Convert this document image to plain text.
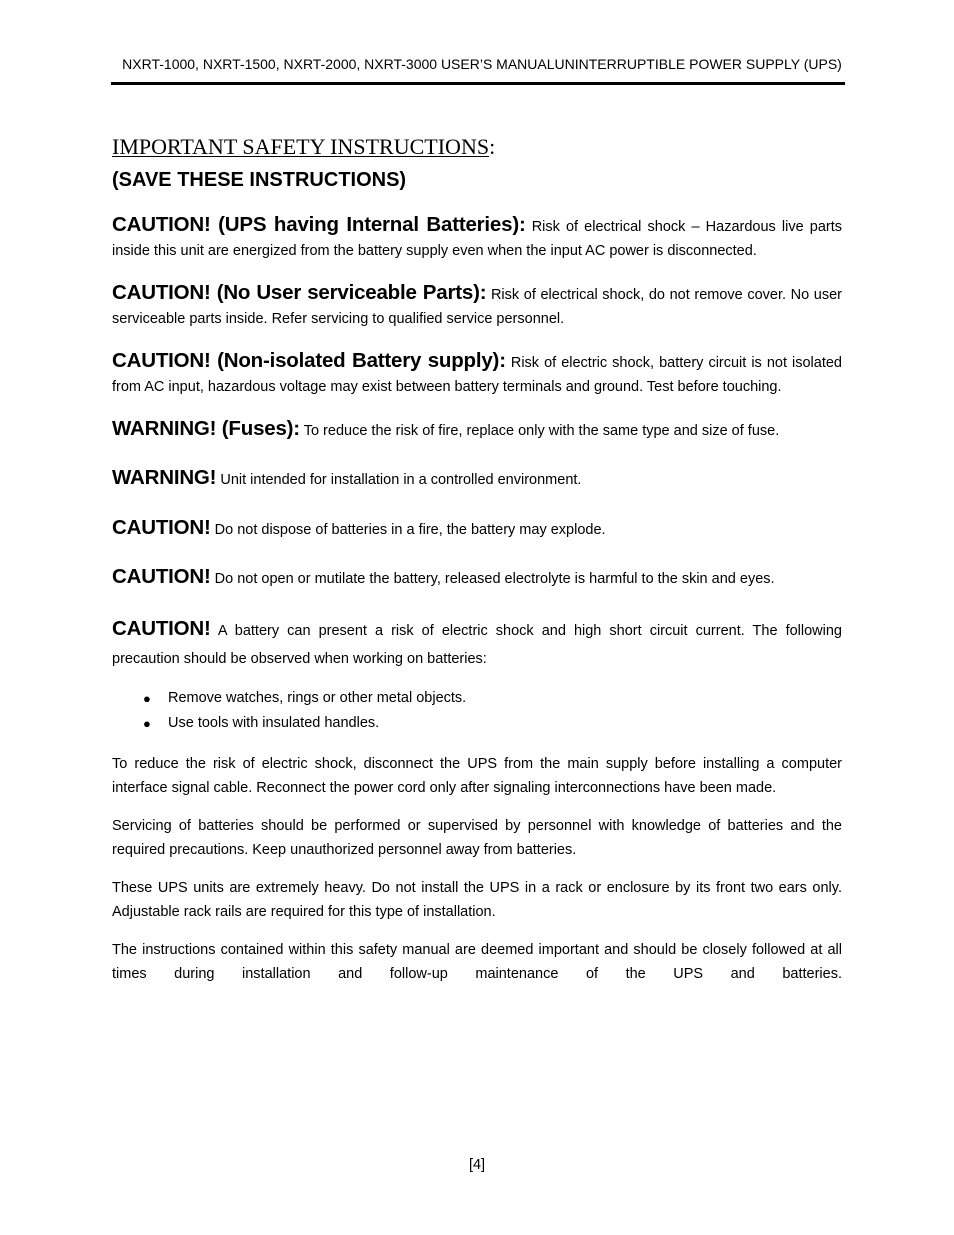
NXRT-1000, NXRT-1500, NXRT-2000, NXRT-3000 USER’S MANUALUNINTERRUPTIBLE POWER SUPPLY (UPS)
IMPORTANT SAFETY INSTRUCTIONS:
(SAVE THESE INSTRUCTIONS)

CAUTION! (UPS having Internal Batteries): Risk of electrical shock – Hazardous live parts inside this unit are energized from the battery supply even when the input AC power is disconnected.

CAUTION! (No User serviceable Parts): Risk of electrical shock, do not remove cover. No user serviceable parts inside. Refer servicing to qualified service personnel.

CAUTION! (Non-isolated Battery supply): Risk of electric shock, battery circuit is not isolated from AC input, hazardous voltage may exist between battery terminals and ground. Test before touching.

WARNING! (Fuses): To reduce the risk of fire, replace only with the same type and size of fuse.

WARNING! Unit intended for installation in a controlled environment.

CAUTION! Do not dispose of batteries in a fire, the battery may explode.

CAUTION! Do not open or mutilate the battery, released electrolyte is harmful to the skin and eyes.

CAUTION! A battery can present a risk of electric shock and high short circuit current. The following precaution should be observed when working on batteries:

● Remove watches, rings or other metal objects.
● Use tools with insulated handles.

To reduce the risk of electric shock, disconnect the UPS from the main supply before installing a computer interface signal cable. Reconnect the power cord only after signaling interconnections have been made.

Servicing of batteries should be performed or supervised by personnel with knowledge of batteries and the required precautions. Keep unauthorized personnel away from batteries.

These UPS units are extremely heavy. Do not install the UPS in a rack or enclosure by its front two ears only. Adjustable rack rails are required for this type of installation.

The instructions contained within this safety manual are deemed important and should be closely followed at all times during installation and follow-up maintenance of the UPS and batteries.

[4]
